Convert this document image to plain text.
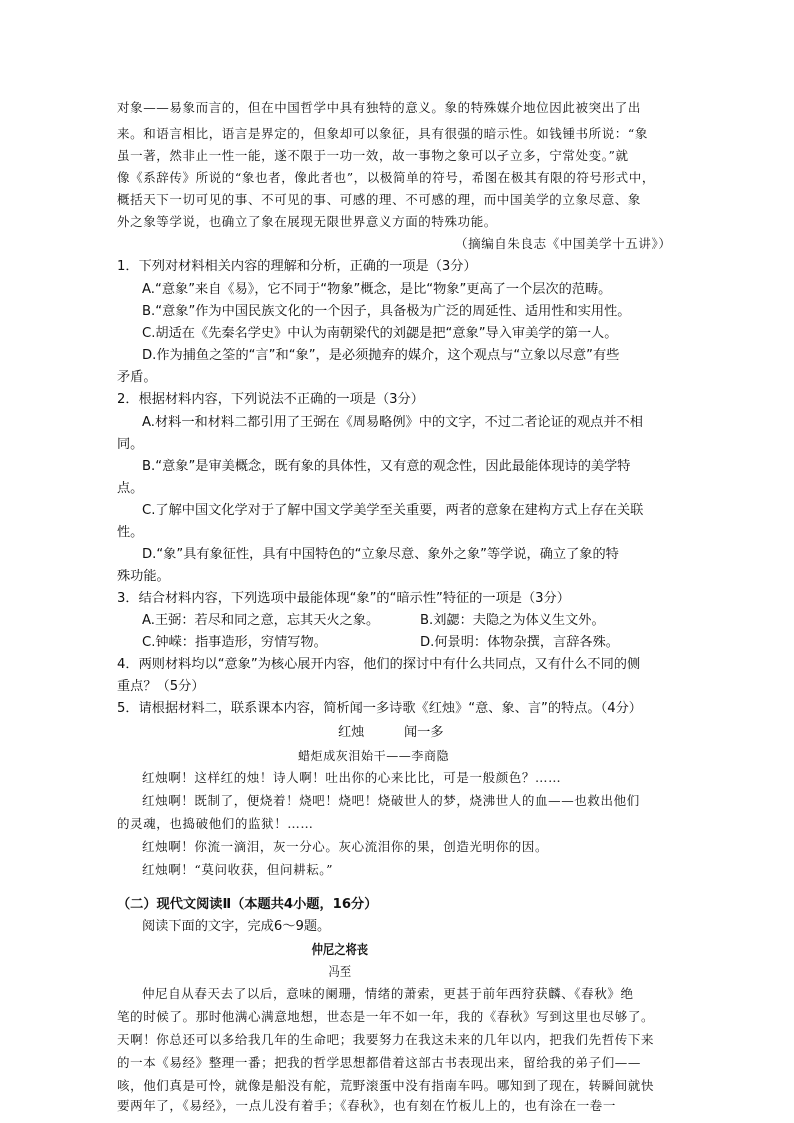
对象——易象而言的，但在中国哲学中具有独特的意义。象的特殊媒介地位因此被突出了出
来。和语言相比，语言是界定的，但象却可以象征，具有很强的暗示性。如钱锺书所说：“象
虽一著，然非止一性一能，遂不限于一功一效，故一事物之象可以孑立多，宁常处变。”就
像《系辞传》所说的“象也者，像此者也”，以极简单的符号，希图在极其有限的符号形式中，
概括天下一切可见的事、不可见的事、可感的理、不可感的理，而中国美学的立象尽意、象
外之象等学说，也确立了象在展现无限世界意义方面的特殊功能。
（摘编自朱良志《中国美学十五讲》）
1．下列对材料相关内容的理解和分析，正确的一项是（3分）
A.“意象”来自《易》，它不同于“物象”概念，是比“物象”更高了一个层次的范畴。
B.“意象”作为中国民族文化的一个因子，具备极为广泛的周延性、适用性和实用性。
C.胡适在《先秦名学史》中认为南朝梁代的刘勰是把“意象”导入审美学的第一人。
D.作为捕鱼之筌的“言”和“象”，是必须抛弃的媒介，这个观点与“立象以尽意”有些
矛盾。
2．根据材料内容，下列说法不正确的一项是（3分）
A.材料一和材料二都引用了王弼在《周易略例》中的文字，不过二者论证的观点并不相
同。
B.“意象”是审美概念，既有象的具体性，又有意的观念性，因此最能体现诗的美学特
点。
C.了解中国文化学对于了解中国文学美学至关重要，两者的意象在建构方式上存在关联
性。
D.“象”具有象征性，具有中国特色的“立象尽意、象外之象”等学说，确立了象的特
殊功能。
3．结合材料内容，下列选项中最能体现“象”的“暗示性”特征的一项是（3分）
A.王弼：若尽和同之意，忘其天火之象。	B.刘勰：夫隐之为体义生文外。
C.钟嵘：指事造形，穷情写物。	D.何景明：体物杂撰，言辞各殊。
4．两则材料均以“意象”为核心展开内容，他们的探讨中有什么共同点，又有什么不同的侧
重点？（5分）
5．请根据材料二，联系课本内容，简析闻一多诗歌《红烛》“意、象、言”的特点。（4分）
红烛	闻一多
蜡炬成灰泪始干——李商隐
红烛啊！这样红的烛！诗人啊！吐出你的心来比比，可是一般颜色？……
红烛啊！既制了，便烧着！烧吧！烧吧！烧破世人的梦，烧沸世人的血——也救出他们
的灵魂，也捣破他们的监狱！……
红烛啊！你流一滴泪，灰一分心。灰心流泪你的果，创造光明你的因。
红烛啊！“莫问收获，但问耕耘。”
（二）现代文阅读Ⅱ（本题共4小题，16分）
阅读下面的文字，完成6～9题。
仲尼之将丧
冯至
仲尼自从春天去了以后，意味的阑珊，情绪的萧索，更甚于前年西狩获麟、《春秋》绝
笔的时候了。那时他满心满意地想，世态是一年不如一年，我的《春秋》写到这里也尽够了。
天啊！你总还可以多给我几年的生命吧；我要努力在我这未来的几年以内，把我们先哲传下来
的一本《易经》整理一番；把我的哲学思想都借着这部古书表现出来，留给我的弟子们——
咳，他们真是可怜，就像是船没有舵，荒野滚蛋中没有指南车吗。哪知到了现在，转瞬间就快
要两年了，《易经》，一点儿没有着手；《春秋》，也有刻在竹板儿上的，也有涂在一卷一
